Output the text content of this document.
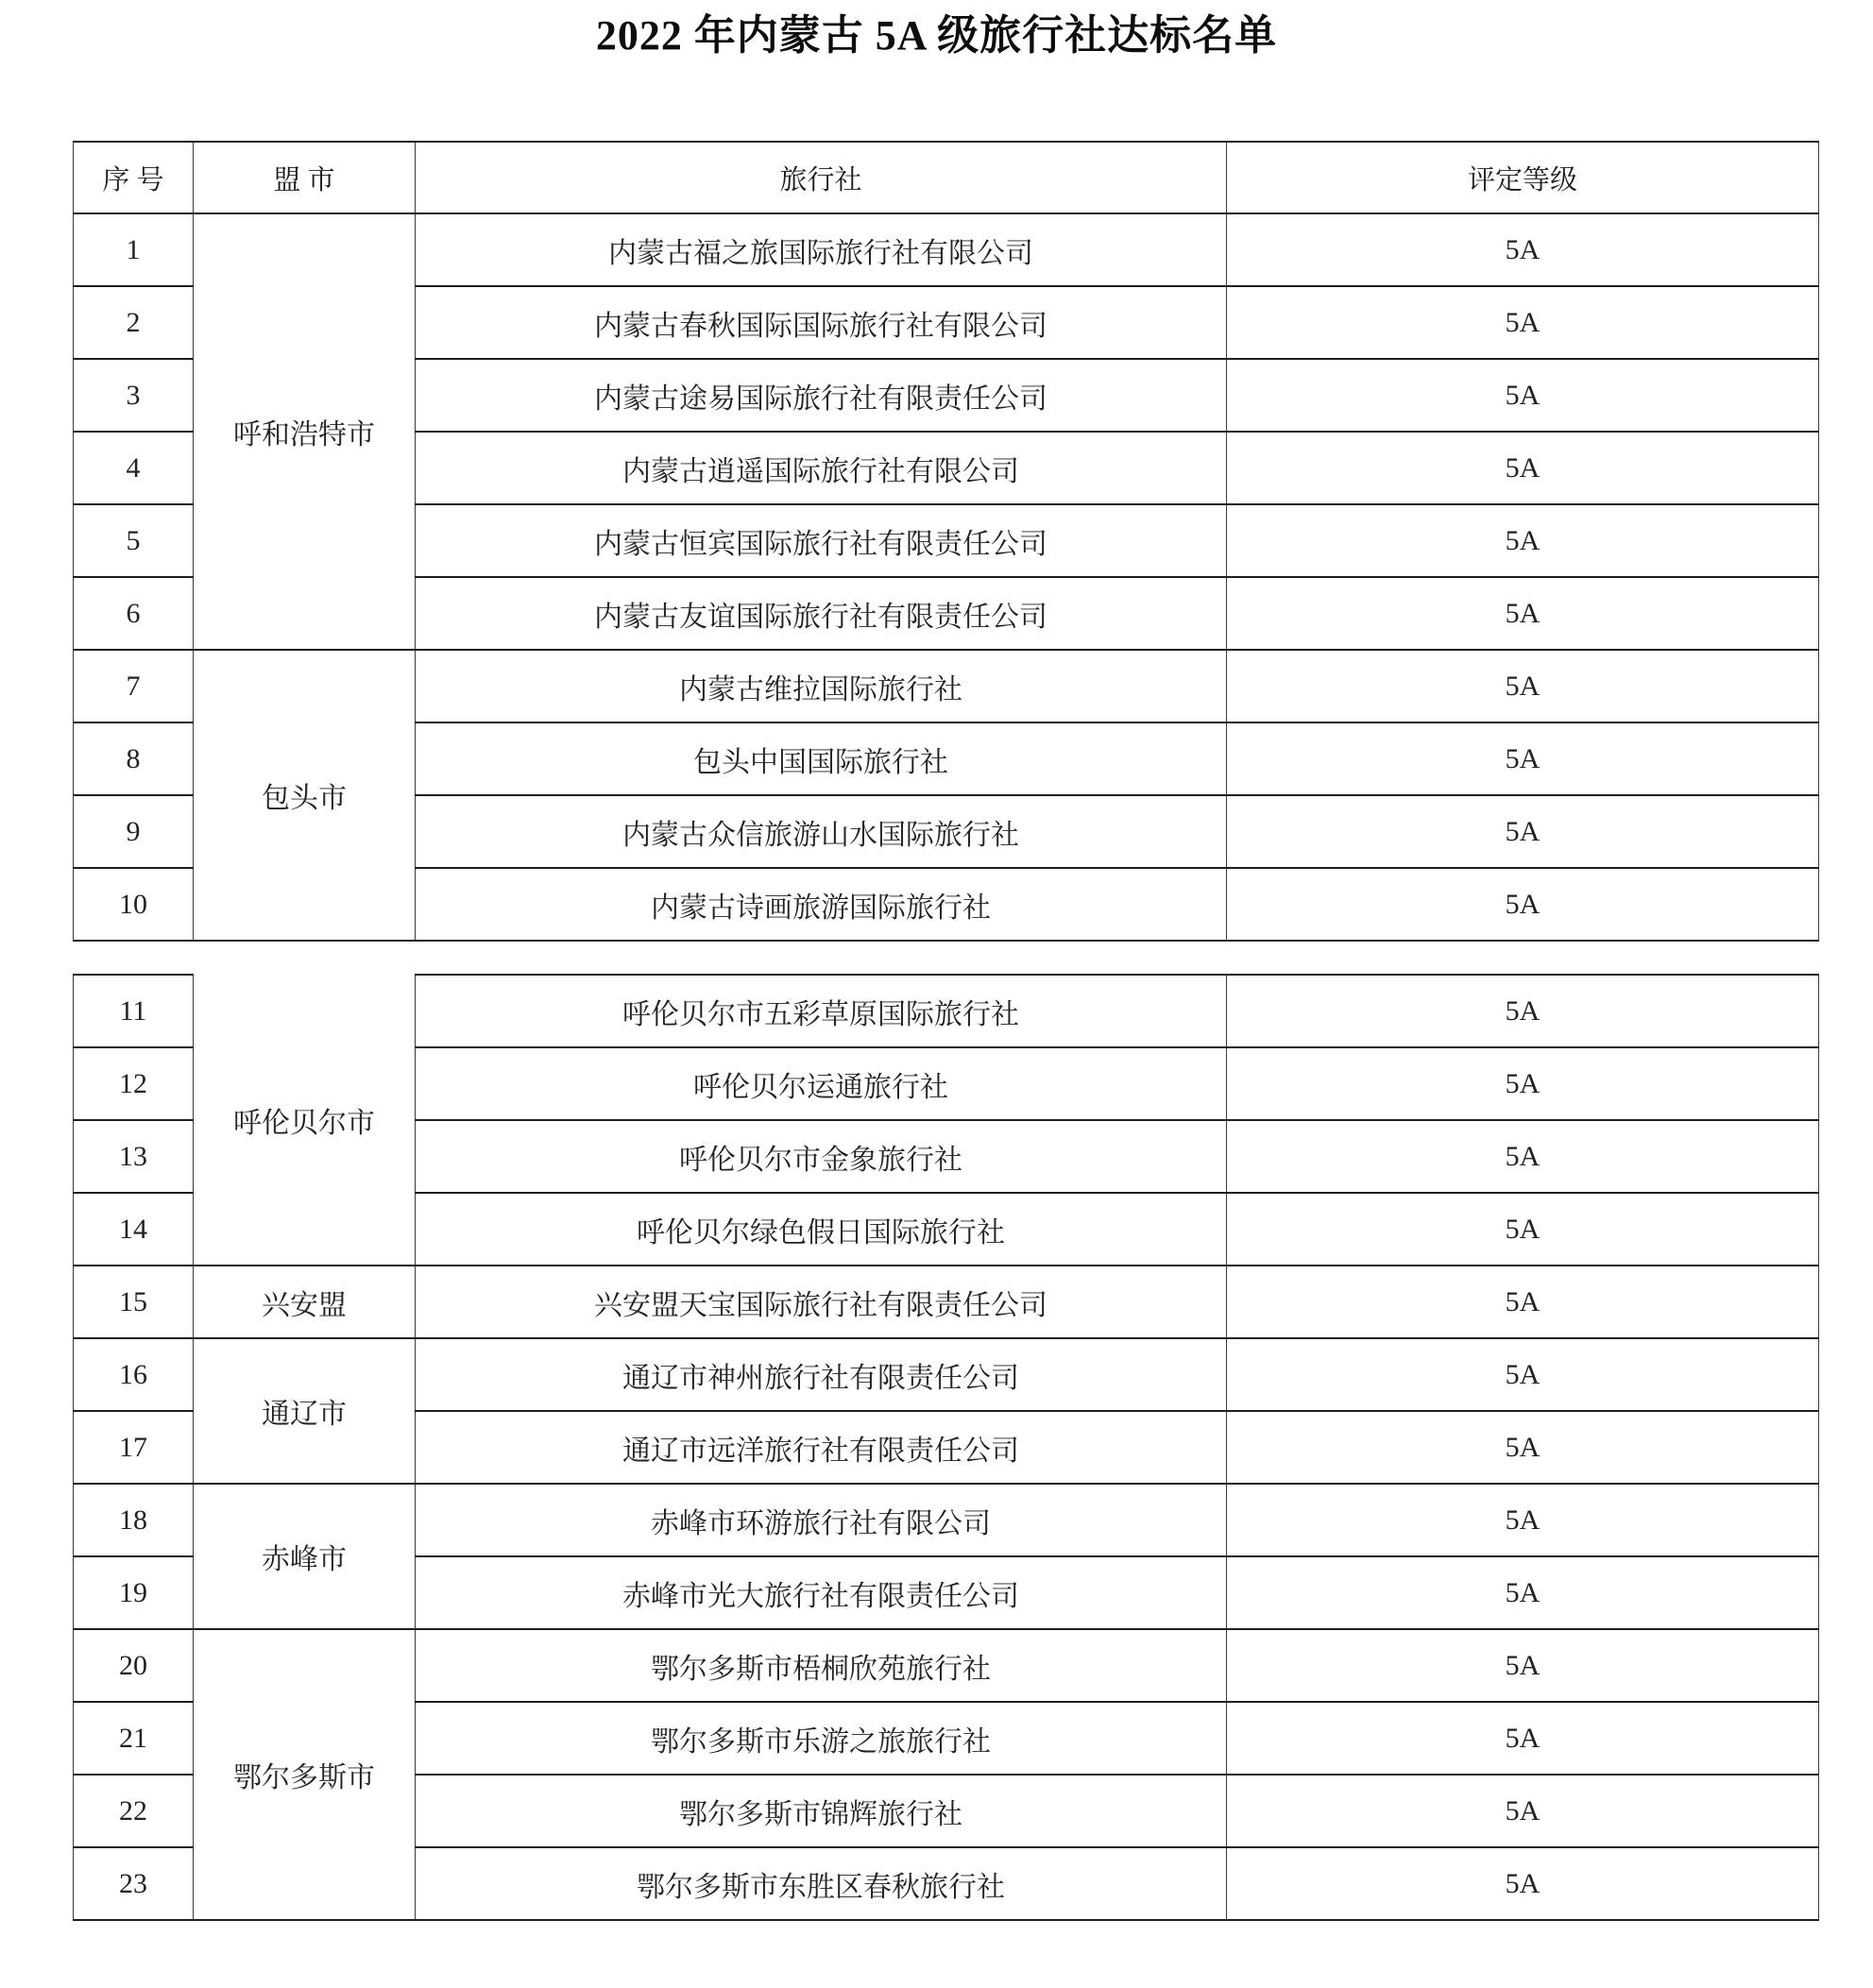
2022 年内蒙古 5A 级旅行社达标名单
序 号	盟 市	旅行社	评定等级
1	呼和浩特市	内蒙古福之旅国际旅行社有限公司	5A
2		内蒙古春秋国际国际旅行社有限公司	5A
3		内蒙古途易国际旅行社有限责任公司	5A
4		内蒙古逍遥国际旅行社有限公司	5A
5		内蒙古恒宾国际旅行社有限责任公司	5A
6		内蒙古友谊国际旅行社有限责任公司	5A
7	包头市	内蒙古维拉国际旅行社	5A
8		包头中国国际旅行社	5A
9		内蒙古众信旅游山水国际旅行社	5A
10		内蒙古诗画旅游国际旅行社	5A
11	呼伦贝尔市	呼伦贝尔市五彩草原国际旅行社	5A
12		呼伦贝尔运通旅行社	5A
13		呼伦贝尔市金象旅行社	5A
14		呼伦贝尔绿色假日国际旅行社	5A
15	兴安盟	兴安盟天宝国际旅行社有限责任公司	5A
16	通辽市	通辽市神州旅行社有限责任公司	5A
17		通辽市远洋旅行社有限责任公司	5A
18	赤峰市	赤峰市环游旅行社有限公司	5A
19		赤峰市光大旅行社有限责任公司	5A
20	鄂尔多斯市	鄂尔多斯市梧桐欣苑旅行社	5A
21		鄂尔多斯市乐游之旅旅行社	5A
22		鄂尔多斯市锦辉旅行社	5A
23		鄂尔多斯市东胜区春秋旅行社	5A
